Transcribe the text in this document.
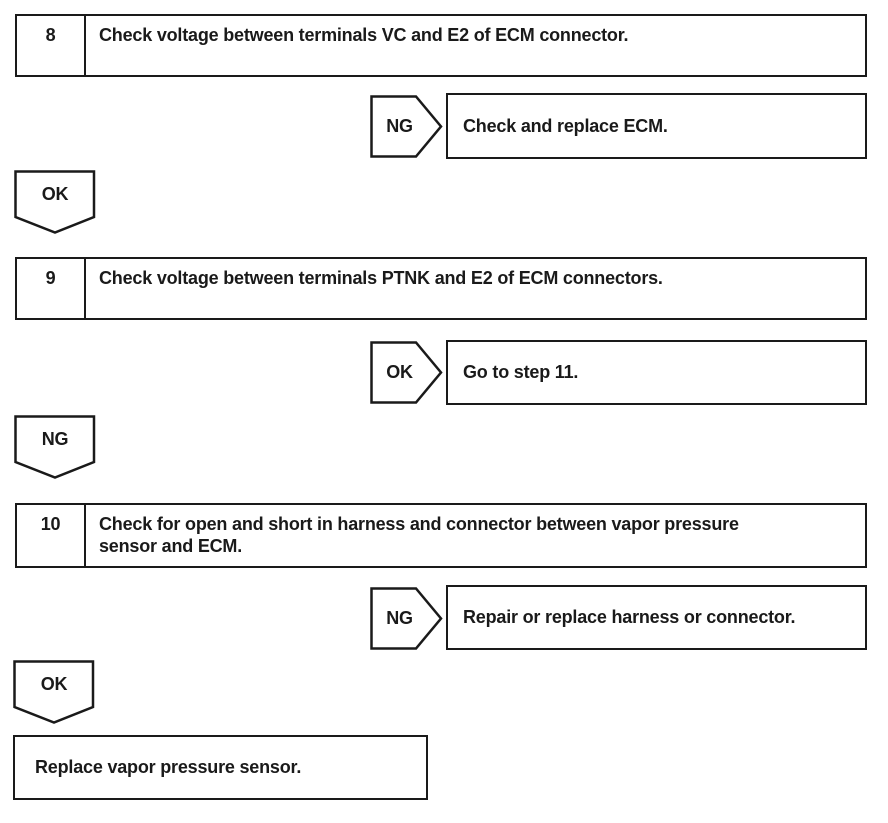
8	Check voltage between terminals VC and E2 of ECM connector.

NG	Check and replace ECM.
OK
9	Check voltage between terminals PTNK and E2 of ECM connectors.

OK	Go to step 11.
NG
10	Check for open and short in harness and connector between vapor pressure sensor and ECM.

NG	Repair or replace harness or connector.
OK
Replace vapor pressure sensor.
